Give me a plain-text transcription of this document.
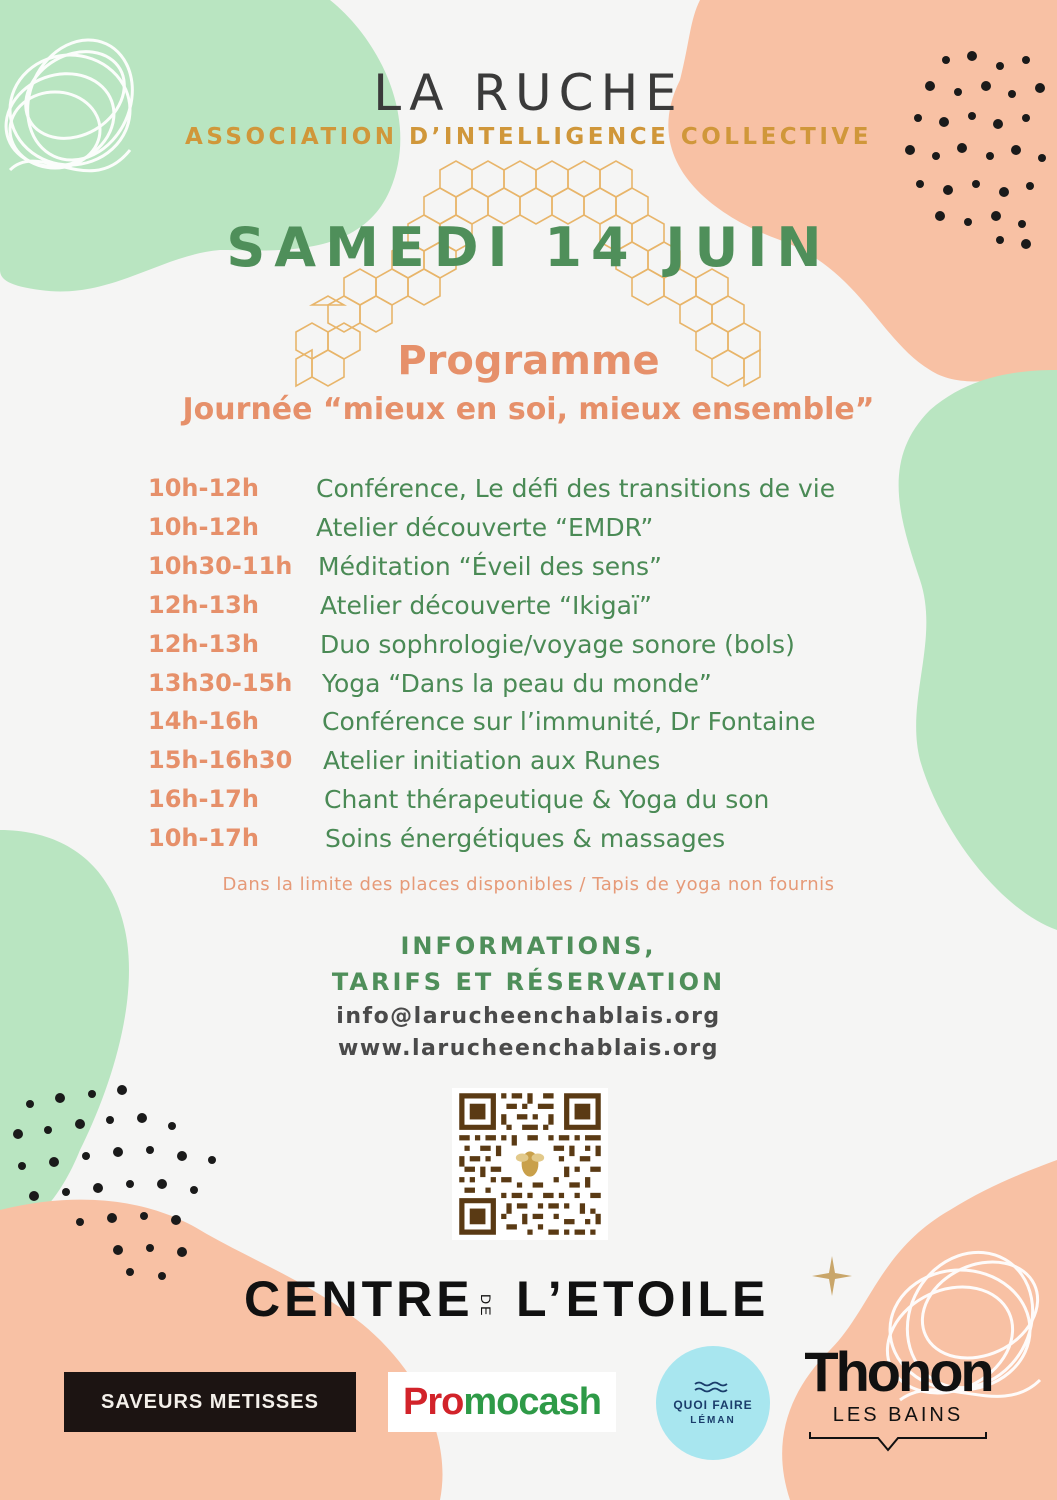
LA RUCHE
ASSOCIATION D’INTELLIGENCE COLLECTIVE
SAMEDI 14 JUIN
Programme
Journée “mieux en soi, mieux ensemble”
10h-12h Conférence, Le défi des transitions de vie
10h-12h Atelier découverte “EMDR”
10h30-11h Méditation “Éveil des sens”
12h-13h Atelier découverte “Ikigaï”
12h-13h Duo sophrologie/voyage sonore (bols)
13h30-15h Yoga “Dans la peau du monde”
14h-16h	Conférence sur l’immunité, Dr Fontaine
15h-16h30 Atelier initiation aux Runes
16h-17h	Chant thérapeutique & Yoga du son
10h-17h	Soins énergétiques & massages
Dans la limite des places disponibles / Tapis de yoga non fournis
INFORMATIONS,
TARIFS ET RÉSERVATION
info@larucheenchablais.org
www.larucheenchablais.org
CENTRE DE L’ETOILE
SAVEURS METISSES Pro mocash	QUOI FAIRE
LÉMAN
Thonon
LES BAINS
